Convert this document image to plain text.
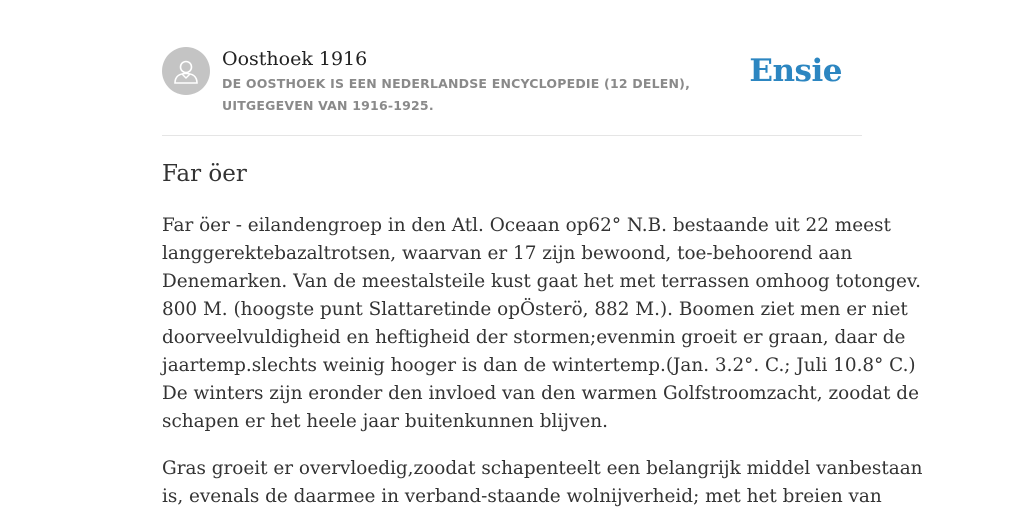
Oosthoek 1916
DE OOSTHOEK IS EEN NEDERLANDSE ENCYCLOPEDIE (12 DELEN), UITGEGEVEN VAN 1916-1925.
Ensie
Far öer

Far öer - eilandengroep in den Atl. Oceaan op62° N.B. bestaande uit 22 meest
langgerektebazaltrotsen, waarvan er 17 zijn bewoond, toe-behoorend aan
Denemarken. Van de meestalsteile kust gaat het met terrassen omhoog totongev.
800 M. (hoogste punt Slattaretinde opÖsterö, 882 M.). Boomen ziet men er niet
doorveelvuldigheid en heftigheid der stormen;evenmin groeit er graan, daar de
jaartemp.slechts weinig hooger is dan de wintertemp.(Jan. 3.2°. C.; Juli 10.8° C.)
De winters zijn eronder den invloed van den warmen Golfstroomzacht, zoodat de
schapen er het heele jaar buitenkunnen blijven.

Gras groeit er overvloedig,zoodat schapenteelt een belangrijk middel vanbestaan
is, evenals de daarmee in verband-staande wolnijverheid; met het breien van
